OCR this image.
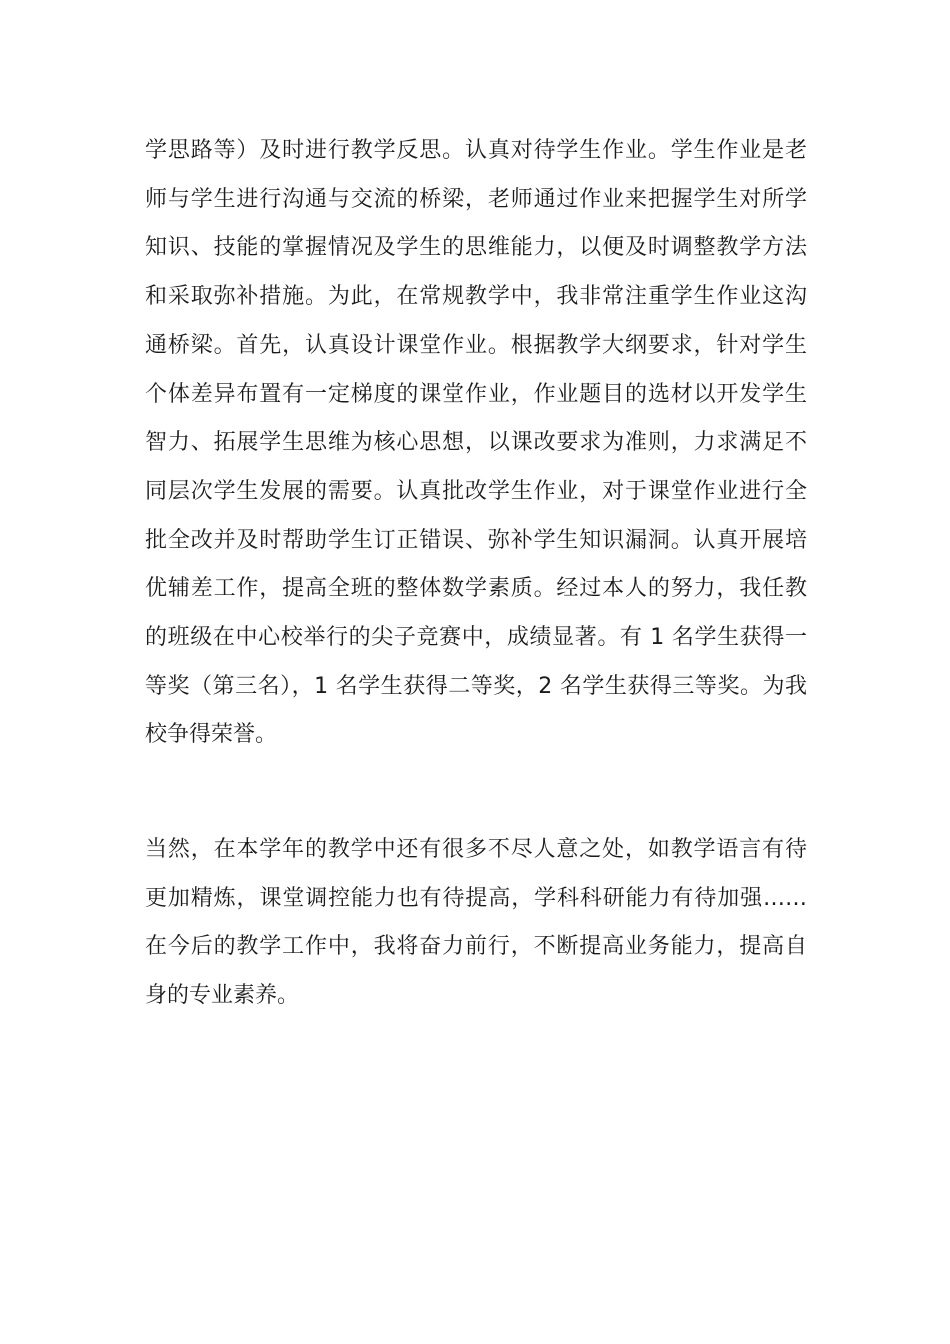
学思路等）及时进行教学反思。认真对待学生作业。学生作业是老
师与学生进行沟通与交流的桥梁，老师通过作业来把握学生对所学
知识、技能的掌握情况及学生的思维能力，以便及时调整教学方法
和采取弥补措施。为此，在常规教学中，我非常注重学生作业这沟
通桥梁。首先，认真设计课堂作业。根据教学大纲要求，针对学生
个体差异布置有一定梯度的课堂作业，作业题目的选材以开发学生
智力、拓展学生思维为核心思想，以课改要求为准则，力求满足不
同层次学生发展的需要。认真批改学生作业，对于课堂作业进行全
批全改并及时帮助学生订正错误、弥补学生知识漏洞。认真开展培
优辅差工作，提高全班的整体数学素质。经过本人的努力，我任教
的班级在中心校举行的尖子竞赛中，成绩显著。有 1 名学生获得一
等奖（第三名），1 名学生获得二等奖，2 名学生获得三等奖。为我
校争得荣誉。
当然，在本学年的教学中还有很多不尽人意之处，如教学语言有待
更加精炼，课堂调控能力也有待提高，学科科研能力有待加强……
在今后的教学工作中，我将奋力前行，不断提高业务能力，提高自
身的专业素养。
